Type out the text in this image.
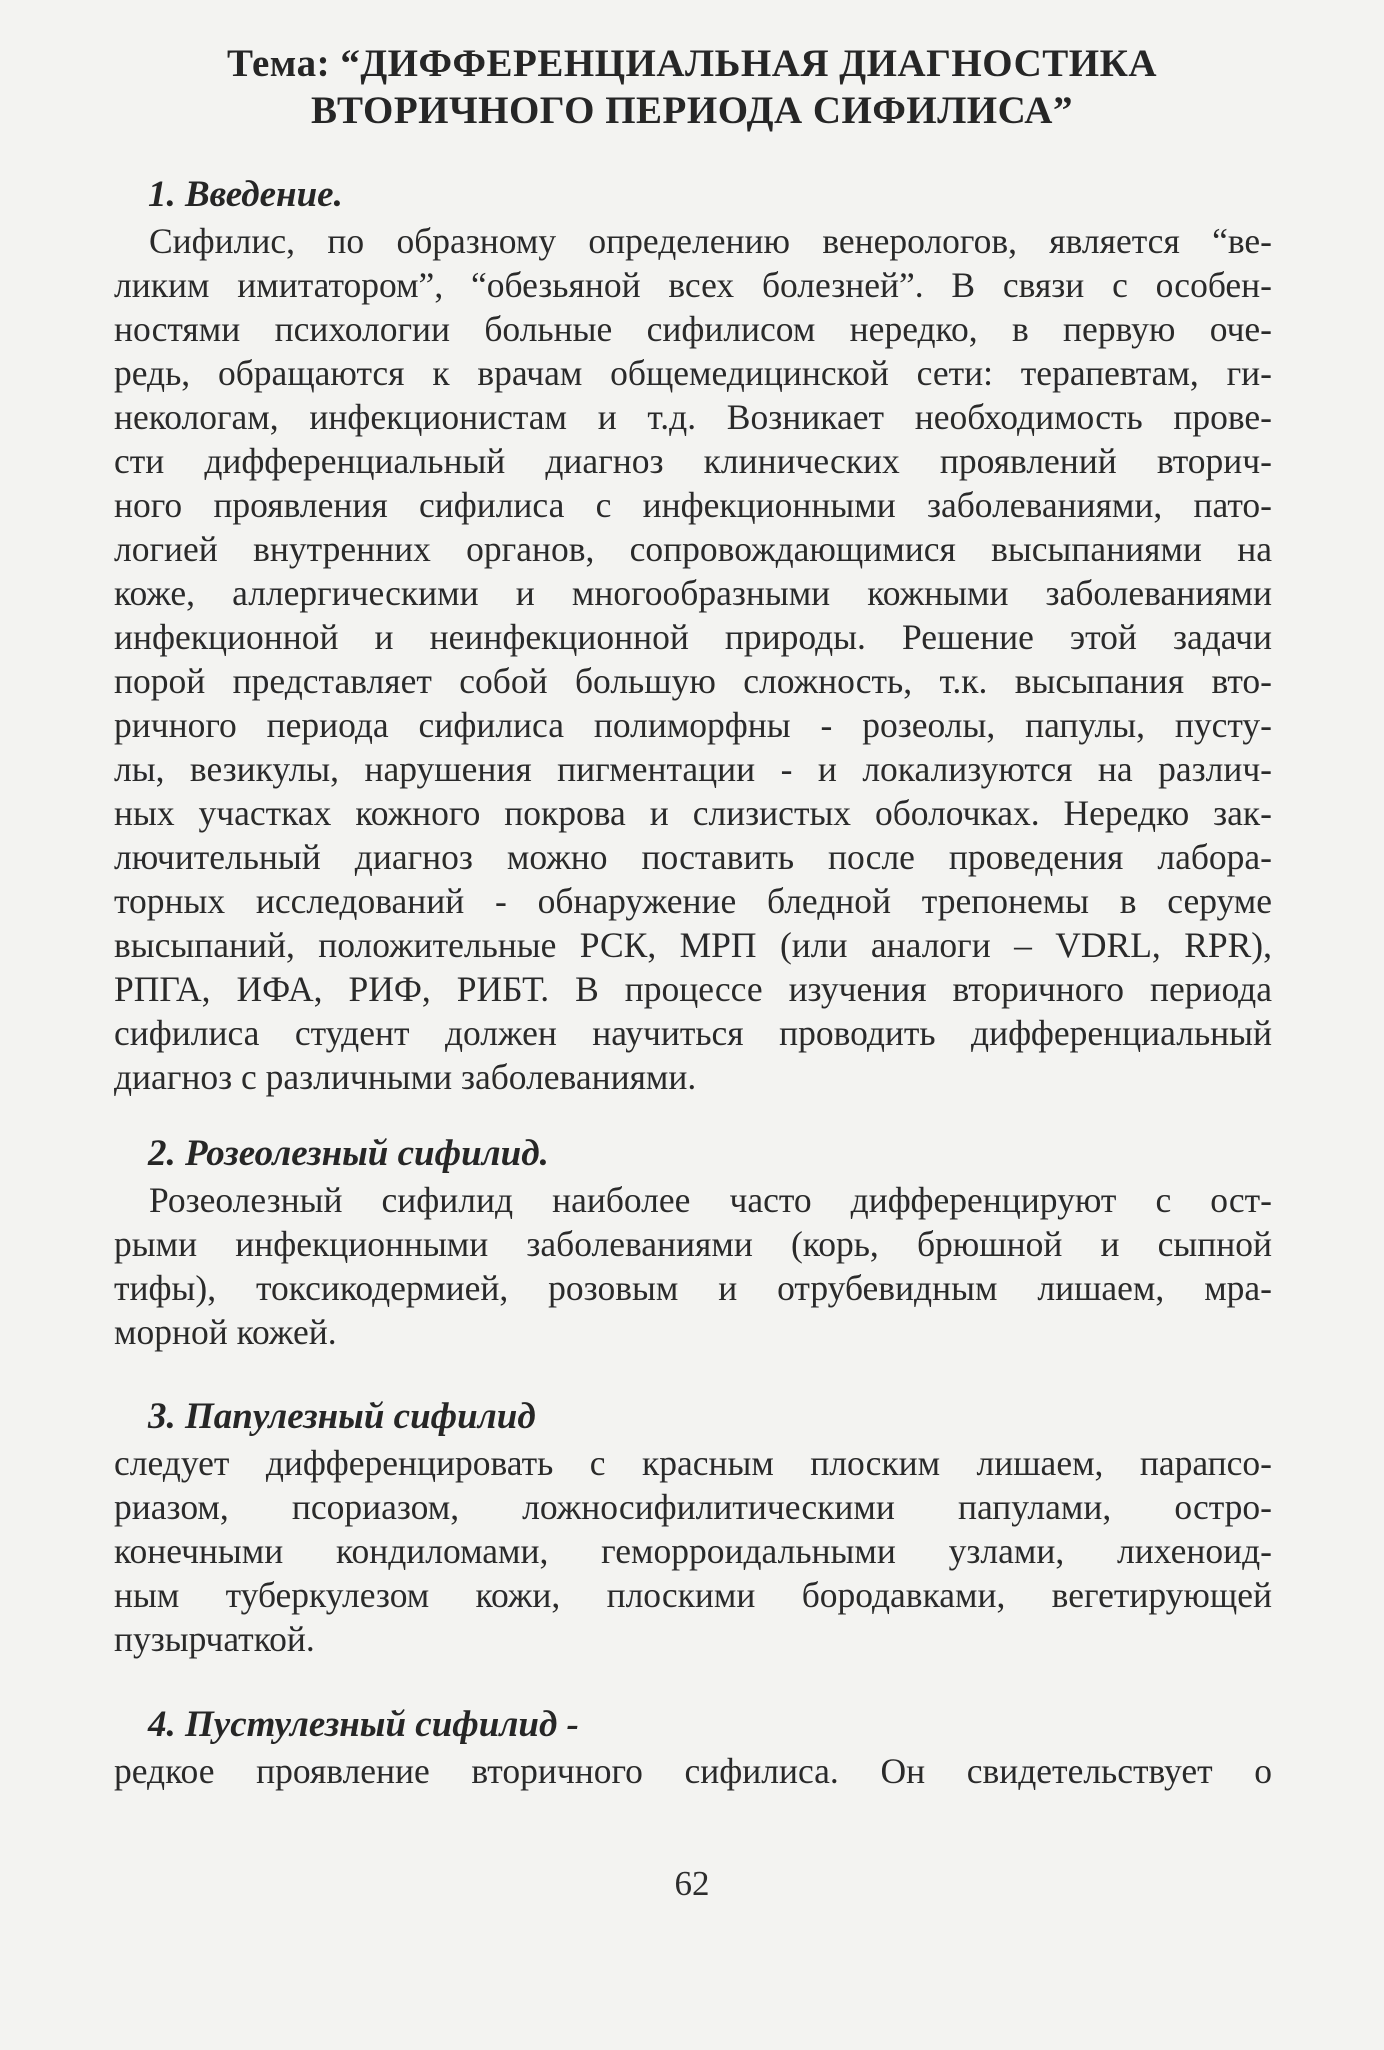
Тема: “ДИФФЕРЕНЦИАЛЬНАЯ ДИАГНОСТИКА
ВТОРИЧНОГО ПЕРИОДА СИФИЛИСА”
1. Введение.
Сифилис, по образному определению венерологов, является “ве-
ликим имитатором”, “обезьяной всех болезней”. В связи с особен-
ностями психологии больные сифилисом нередко, в первую оче-
редь, обращаются к врачам общемедицинской сети: терапевтам, ги-
некологам, инфекционистам и т.д. Возникает необходимость прове-
сти дифференциальный диагноз клинических проявлений вторич-
ного проявления сифилиса с инфекционными заболеваниями, пато-
логией внутренних органов, сопровождающимися высыпаниями на
коже, аллергическими и многообразными кожными заболеваниями
инфекционной и неинфекционной природы. Решение этой задачи
порой представляет собой большую сложность, т.к. высыпания вто-
ричного периода сифилиса полиморфны - розеолы, папулы, пусту-
лы, везикулы, нарушения пигментации - и локализуются на различ-
ных участках кожного покрова и слизистых оболочках. Нередко зак-
лючительный диагноз можно поставить после проведения лабора-
торных исследований - обнаружение бледной трепонемы в серуме
высыпаний, положительные РСК, МРП (или аналоги – VDRL, RPR),
РПГА, ИФА, РИФ, РИБТ. В процессе изучения вторичного периода
сифилиса студент должен научиться проводить дифференциальный
диагноз с различными заболеваниями.
2. Розеолезный сифилид.
Розеолезный сифилид наиболее часто дифференцируют с ост-
рыми инфекционными заболеваниями (корь, брюшной и сыпной
тифы), токсикодермией, розовым и отрубевидным лишаем, мра-
морной кожей.
3. Папулезный сифилид
следует дифференцировать с красным плоским лишаем, парапсо-
риазом, псориазом, ложносифилитическими папулами, остро-
конечными кондиломами, геморроидальными узлами, лихеноид-
ным туберкулезом кожи, плоскими бородавками, вегетирующей
пузырчаткой.
4. Пустулезный сифилид -
редкое проявление вторичного сифилиса. Он свидетельствует о
62
